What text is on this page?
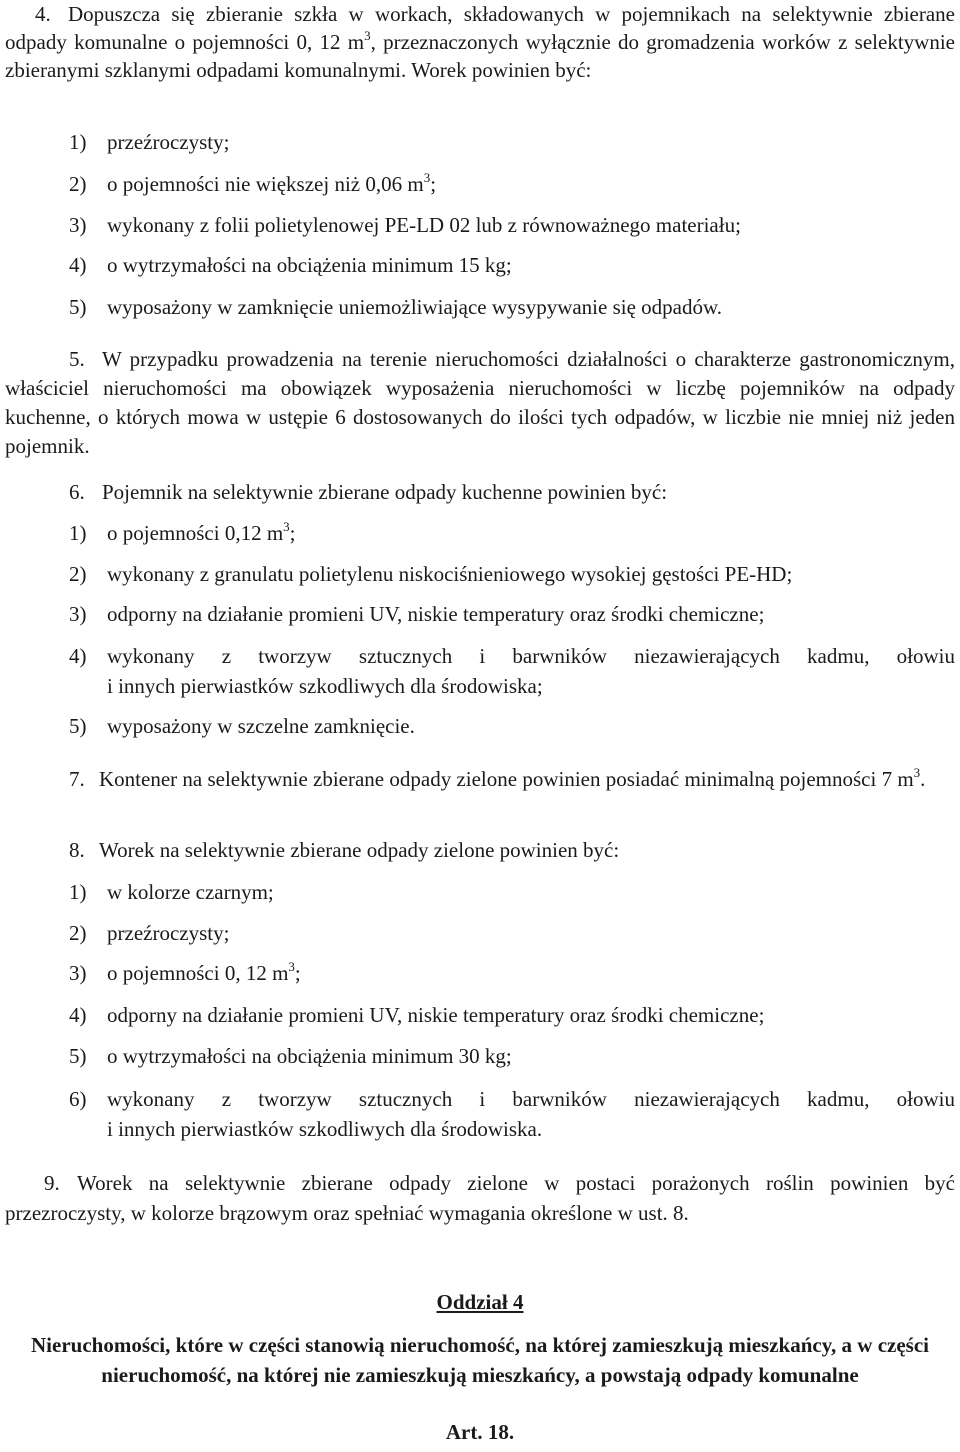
4. Dopuszcza się zbieranie szkła w workach, składowanych w pojemnikach na selektywnie zbierane odpady komunalne o pojemności 0, 12 $m^3$, przeznaczonych wyłącznie do gromadzenia worków z selektywnie zbieranymi szklanymi odpadami komunalnymi. Worek powinien być:

1) przeźroczysty;

2) o pojemności nie większej niż 0,06 $m^3$;

3) wykonany z folii polietylenowej PE-LD 02 lub z równoważnego materiału;

4) o wytrzymałości na obciążenia minimum 15 kg;

5) wyposażony w zamknięcie uniemożliwiające wysypywanie się odpadów.

5. W przypadku prowadzenia na terenie nieruchomości działalności o charakterze gastronomicznym, właściciel nieruchomości ma obowiązek wyposażenia nieruchomości w liczbę pojemników na odpady kuchenne, o których mowa w ustępie 6 dostosowanych do ilości tych odpadów, w liczbie nie mniej niż jeden pojemnik.

6. Pojemnik na selektywnie zbierane odpady kuchenne powinien być:

1) o pojemności 0,12 $m^3$;

2) wykonany z granulatu polietylenu niskociśnieniowego wysokiej gęstości PE-HD;

3) odporny na działanie promieni UV, niskie temperatury oraz środki chemiczne;

4) wykonany z tworzyw sztucznych i barwników niezawierających kadmu, ołowiu
i innych pierwiastków szkodliwych dla środowiska;

5) wyposażony w szczelne zamknięcie.

7. Kontener na selektywnie zbierane odpady zielone powinien posiadać minimalną pojemności 7 $m^3$.

8. Worek na selektywnie zbierane odpady zielone powinien być:

1) w kolorze czarnym;

2) przeźroczysty;

3) o pojemności 0, 12 $m^3$;

4) odporny na działanie promieni UV, niskie temperatury oraz środki chemiczne;

5) o wytrzymałości na obciążenia minimum 30 kg;

6) wykonany z tworzyw sztucznych i barwników niezawierających kadmu, ołowiu
i innych pierwiastków szkodliwych dla środowiska.

9. Worek na selektywnie zbierane odpady zielone w postaci porażonych roślin powinien być przezroczysty, w kolorze brązowym oraz spełniać wymagania określone w ust. 8.

Oddział 4

Nieruchomości, które w części stanowią nieruchomość, na której zamieszkują mieszkańcy, a w części nieruchomość, na której nie zamieszkują mieszkańcy, a powstają odpady komunalne

Art. 18.
